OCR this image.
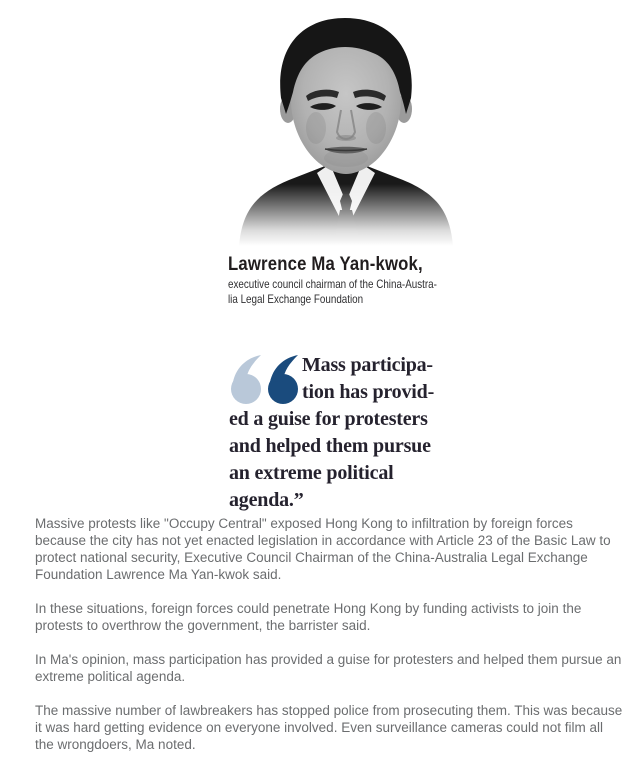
Lawrence Ma Yan-kwok,
executive council chairman of the China-Austra-
lia Legal Exchange Foundation
Mass participa-
tion has provid-
ed a guise for protesters
and helped them pursue
an extreme political
agenda.”

Massive protests like "Occupy Central" exposed Hong Kong to infiltration by foreign forces because the city has not yet enacted legislation in accordance with Article 23 of the Basic Law to protect national security, Executive Council Chairman of the China-Australia Legal Exchange Foundation Lawrence Ma Yan-kwok said.

In these situations, foreign forces could penetrate Hong Kong by funding activists to join the protests to overthrow the government, the barrister said.

In Ma's opinion, mass participation has provided a guise for protesters and helped them pursue an extreme political agenda.

The massive number of lawbreakers has stopped police from prosecuting them. This was because it was hard getting evidence on everyone involved. Even surveillance cameras could not film all the wrongdoers, Ma noted.
